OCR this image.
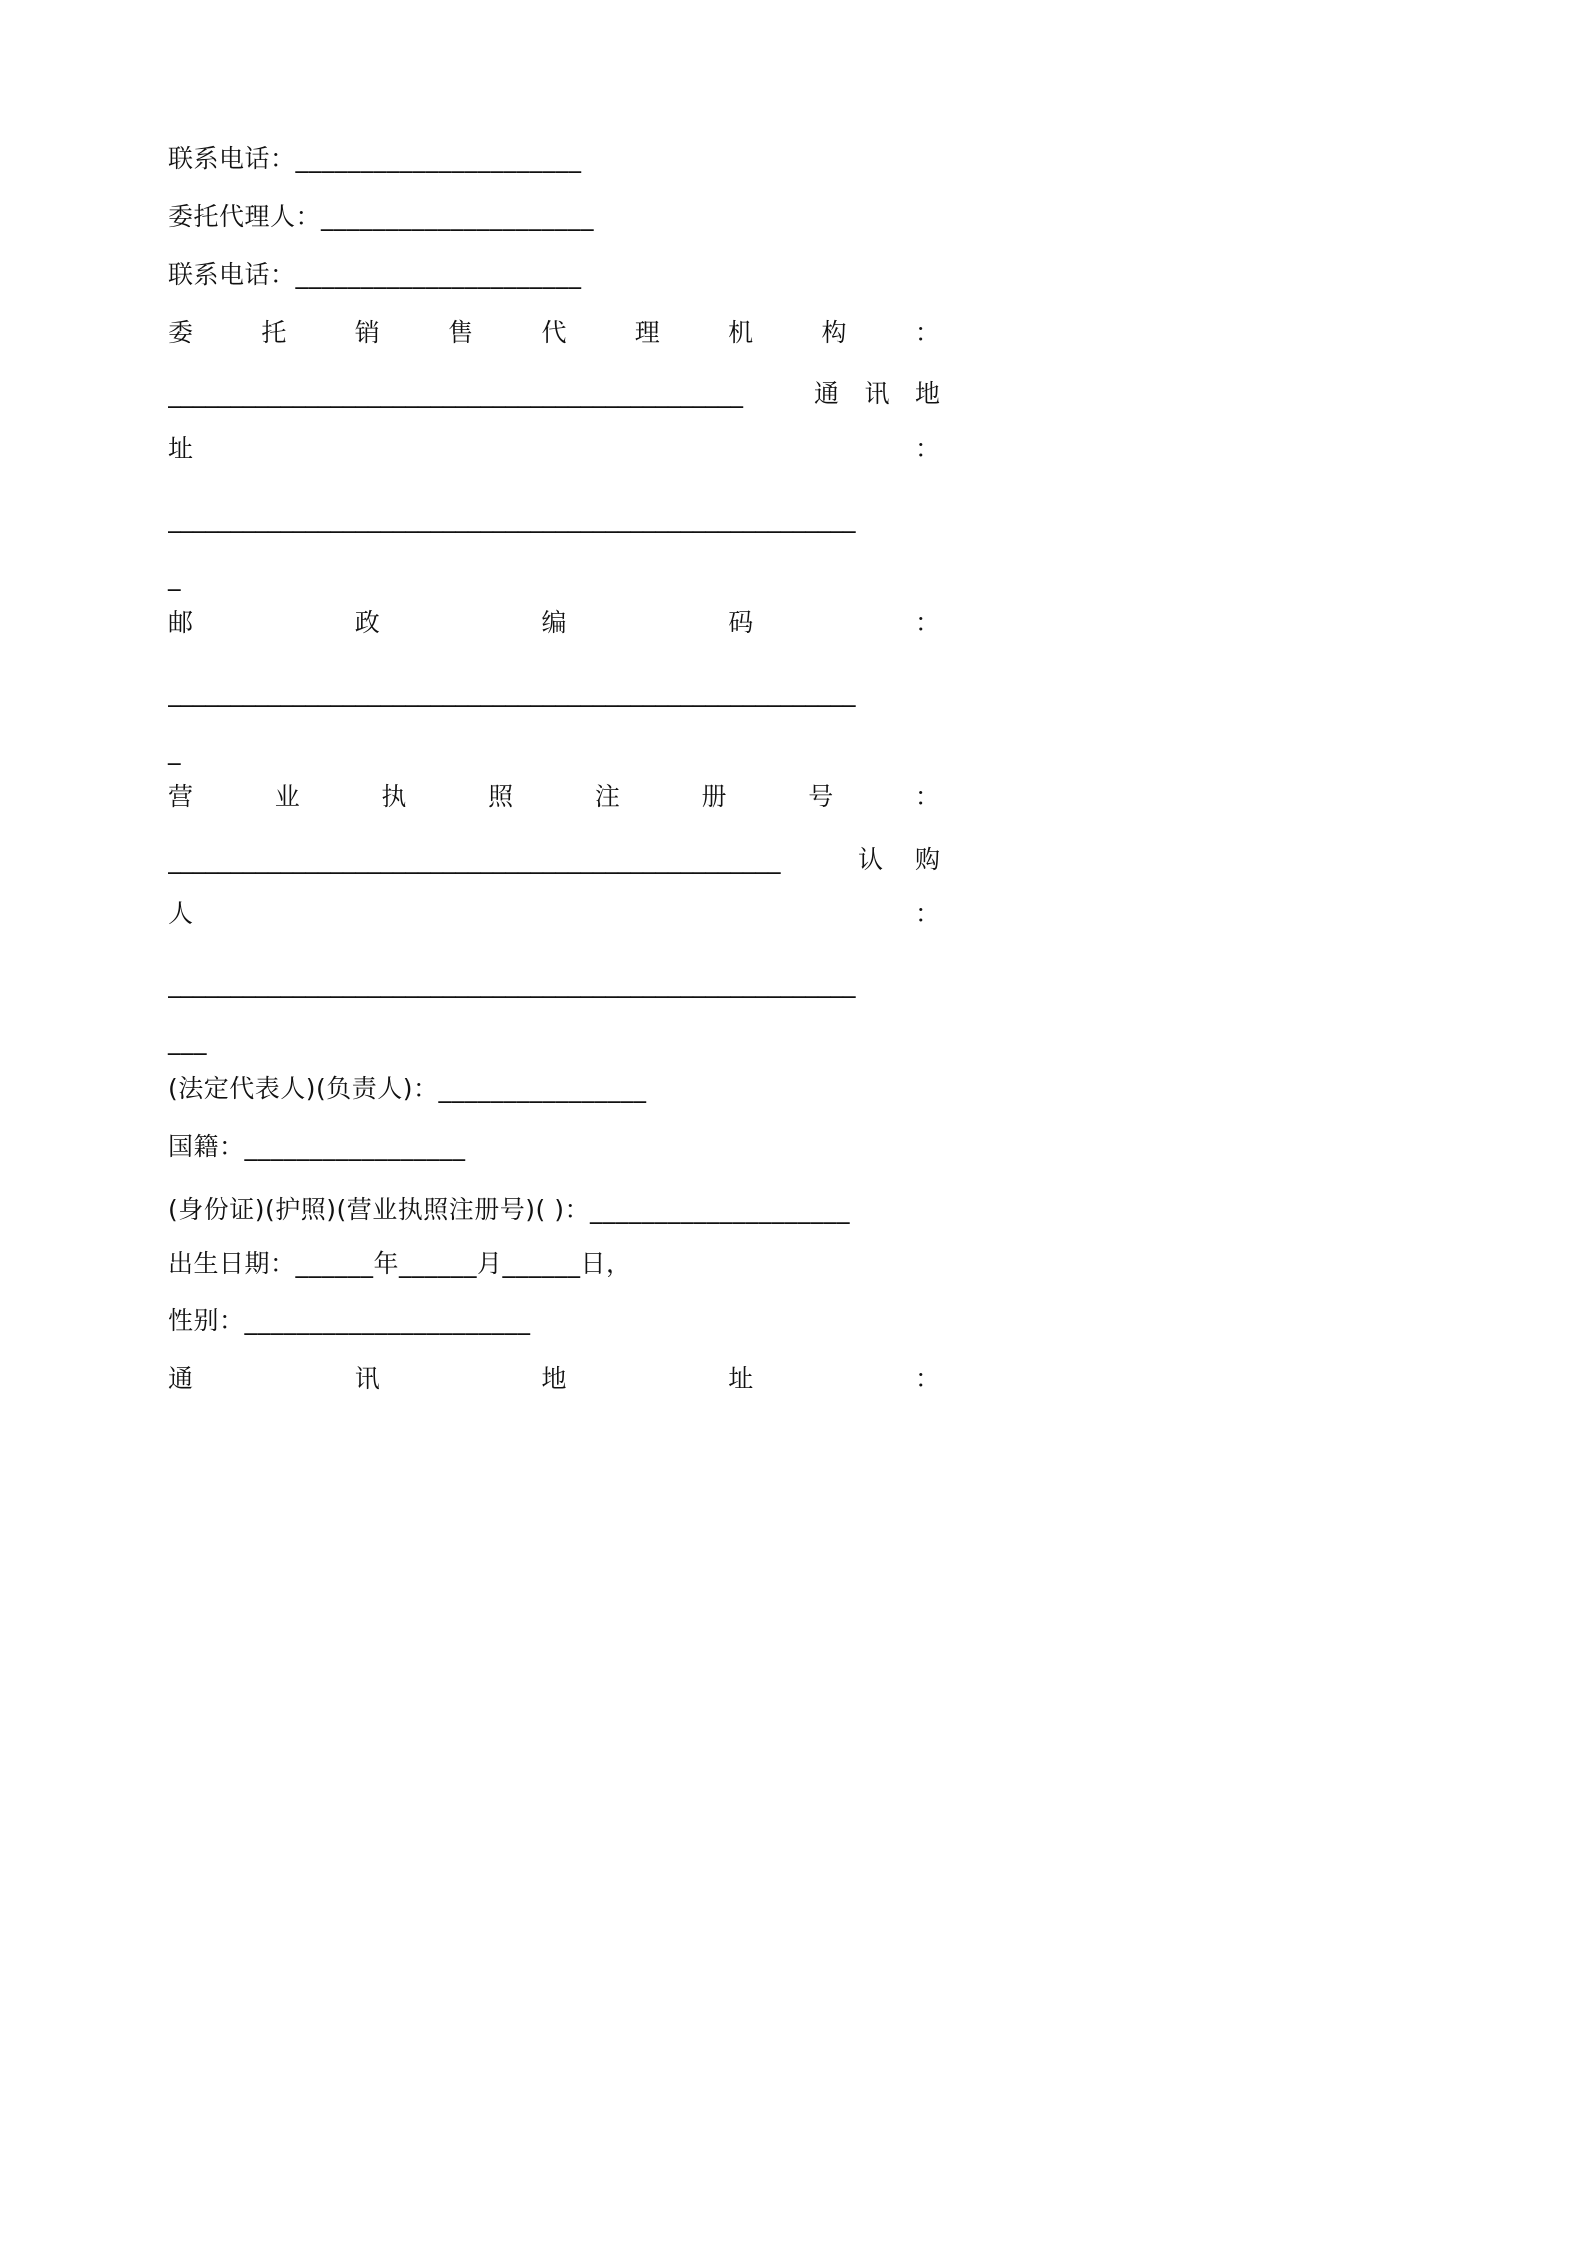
联系电话：______________________
委托代理人：_____________________
联系电话：______________________
委	托	销	售	代	理	机	构	：
______________________________________________	通 讯 地
址	：
_______________________________________________________
_
邮	政	编	码	：
_______________________________________________________
_
营	业	执	照	注	册	号	：
_________________________________________________	认 购
人	：
_______________________________________________________
___
(法定代表人)(负责人)：________________
国籍：_________________
(身份证)(护照)(营业执照注册号)( )：____________________
出生日期：______年______月______日，
性别：______________________
通	讯	地	址	：
